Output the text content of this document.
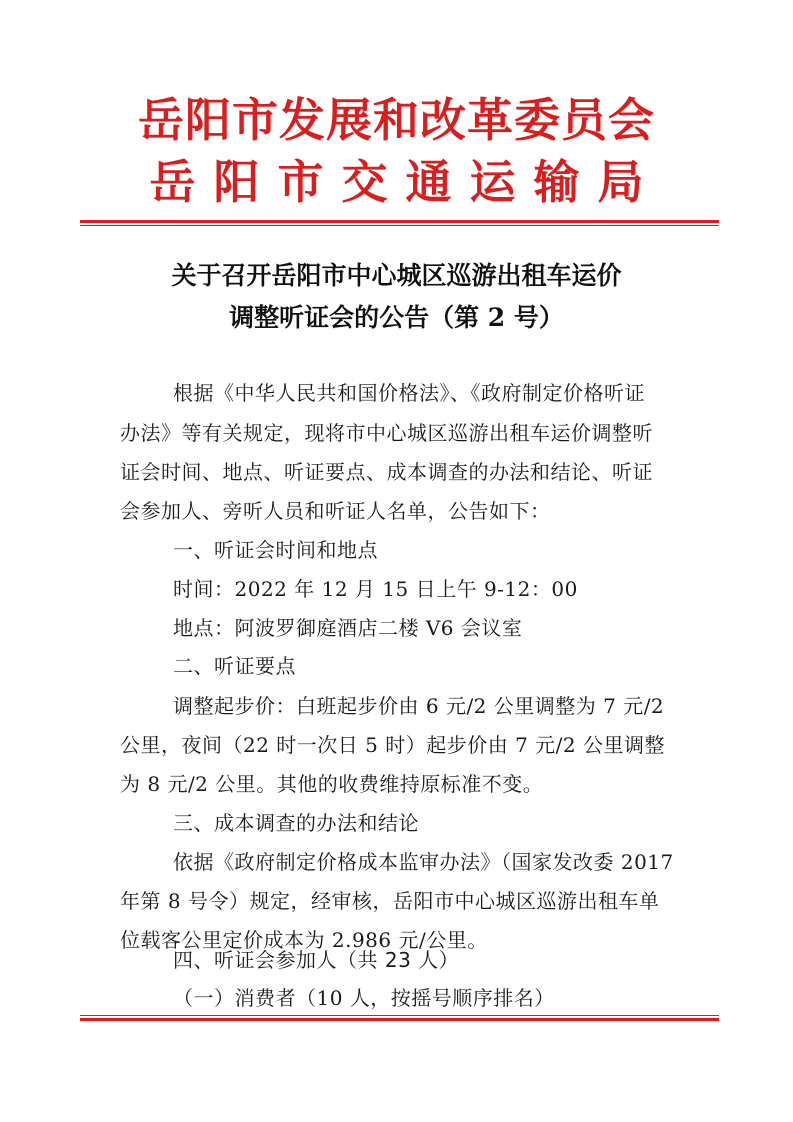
岳阳市发展和改革委员会
岳阳市交通运输局
关于召开岳阳市中心城区巡游出租车运价
调整听证会的公告（第 2 号）
根据《中华人民共和国价格法》、《政府制定价格听证
办法》等有关规定，现将市中心城区巡游出租车运价调整听
证会时间、地点、听证要点、成本调查的办法和结论、听证
会参加人、旁听人员和听证人名单，公告如下：
一、听证会时间和地点
时间：2022 年 12 月 15 日上午 9-12：00
地点：阿波罗御庭酒店二楼 V6 会议室
二、听证要点
调整起步价：白班起步价由 6 元/2 公里调整为 7 元/2
公里，夜间（22 时一次日 5 时）起步价由 7 元/2 公里调整
为 8 元/2 公里。其他的收费维持原标准不变。
三、成本调查的办法和结论
依据《政府制定价格成本监审办法》（国家发改委 2017
年第 8 号令）规定，经审核，岳阳市中心城区巡游出租车单
位载客公里定价成本为 2.986 元/公里。
四、听证会参加人（共 23 人）
（一）消费者（10 人，按摇号顺序排名）
